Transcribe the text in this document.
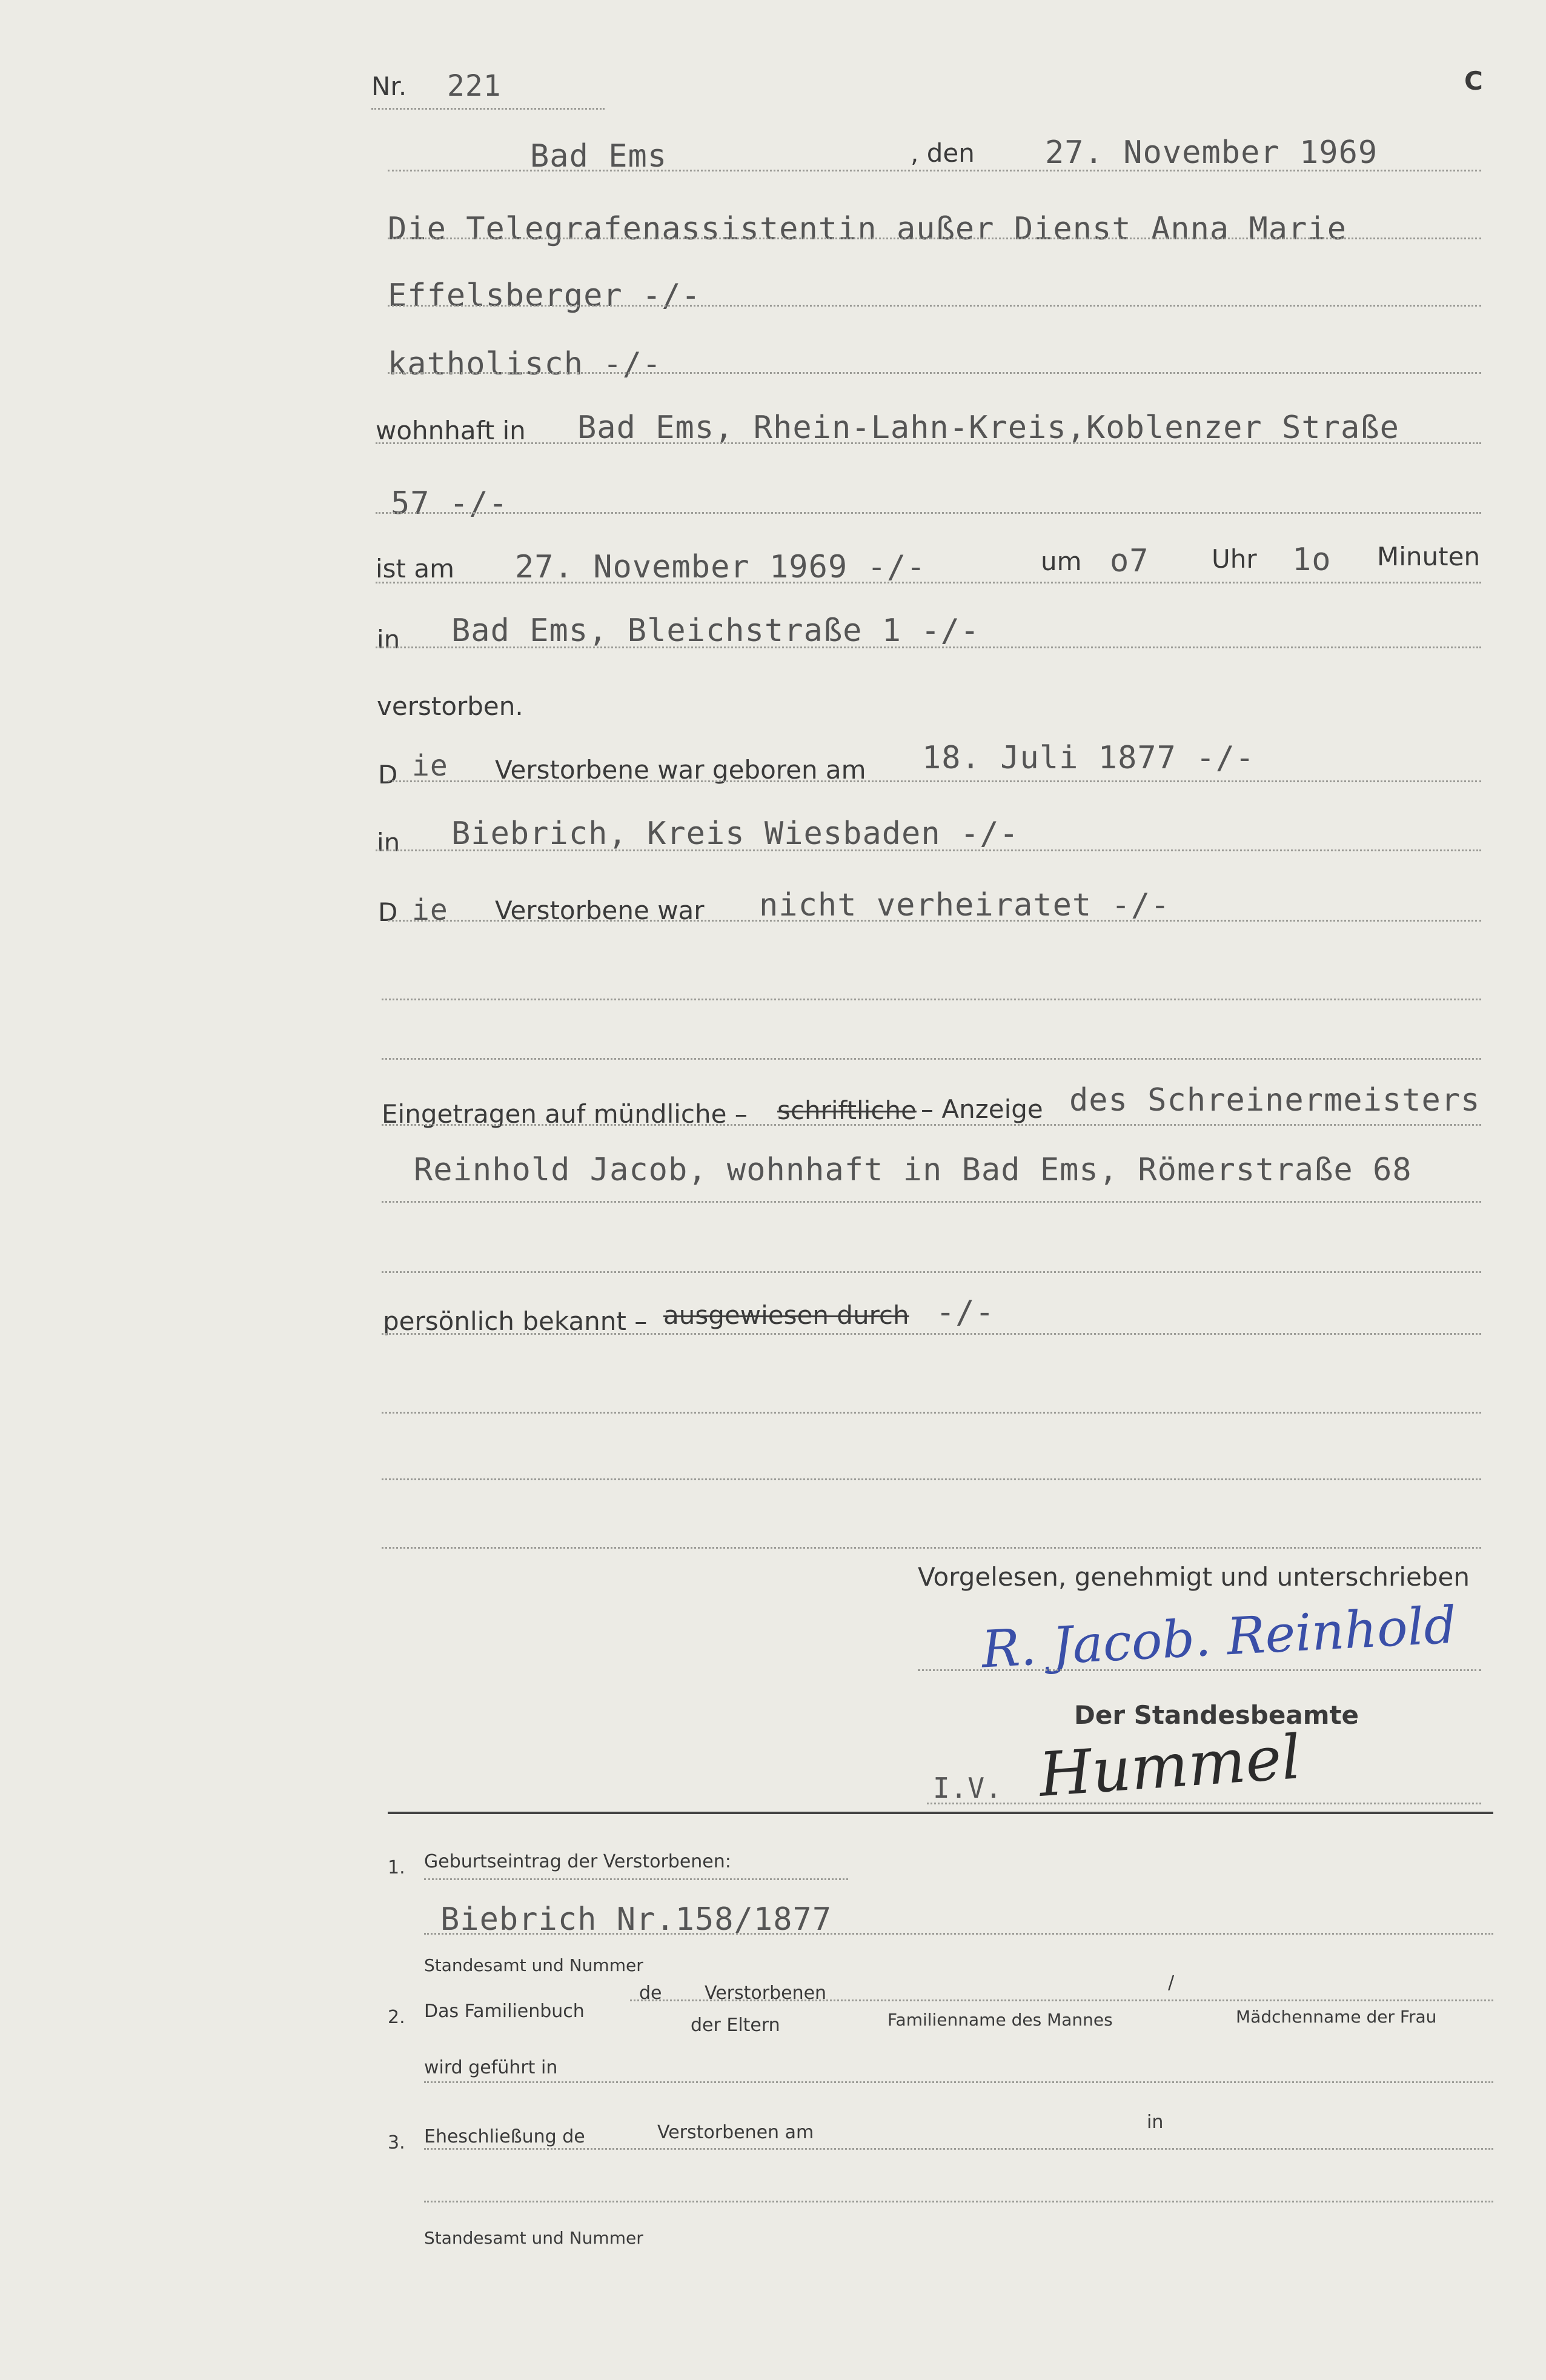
Nr. 221	C
Bad Ems	, den 27. November 1969
Die Telegrafenassistentin außer Dienst Anna Marie
Effelsberger -/-
katholisch -/-
wohnhaft in Bad Ems, Rhein-Lahn-Kreis,Koblenzer Straße
57 -/-
ist am 27. November 1969 -/-	um o7 Uhr 1o Minuten
in Bad Ems, Bleichstraße 1 -/-
verstorben.
D ie Verstorbene war geboren am 18. Juli 1877 -/-
in Biebrich, Kreis Wiesbaden -/-
D ie Verstorbene war nicht verheiratet -/-
Eingetragen auf mündliche – schriftliche – Anzeige des Schreinermeisters
Reinhold Jacob, wohnhaft in Bad Ems, Römerstraße 68
persönlich bekannt – ausgewiesen durch -/-
Vorgelesen, genehmigt und unterschrieben
R. Jacob. Reinhold
Der Standesbeamte
I.V. Hummel
1. Geburtseintrag der Verstorbenen:
Biebrich Nr.158/1877
Standesamt und Nummer
2. Das Familienbuch
de Verstorbenen	/
der Eltern	Familienname des Mannes	Mädchenname der Frau
wird geführt in
3. Eheschließung de	Verstorbenen am	in
Standesamt und Nummer
